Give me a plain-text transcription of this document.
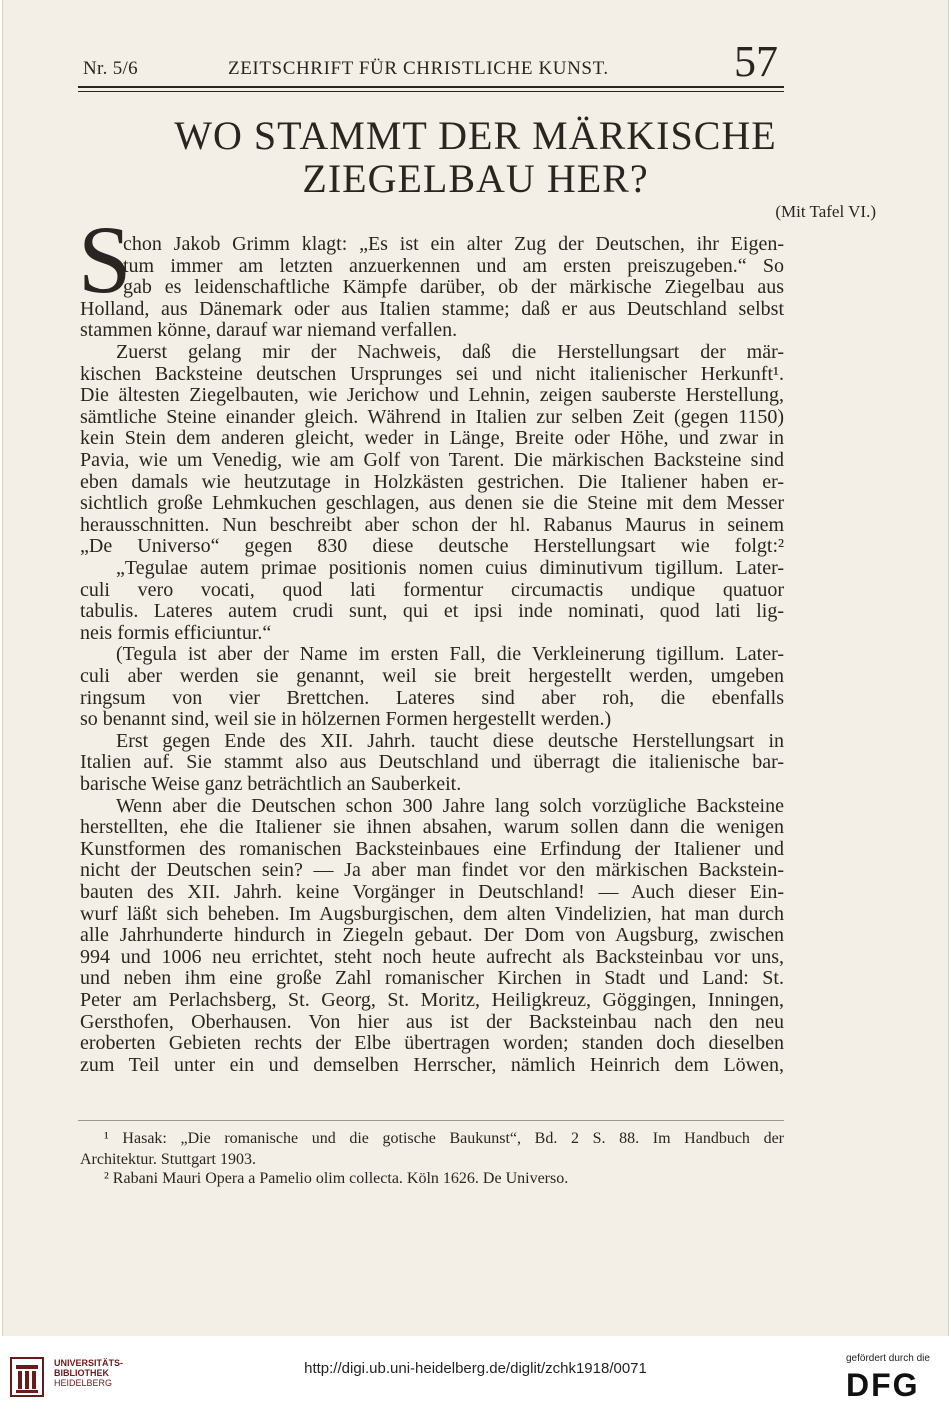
Nr. 5/6	ZEITSCHRIFT FÜR CHRISTLICHE KUNST.	57
WO STAMMT DER MÄRKISCHE
ZIEGELBAU HER?
(Mit Tafel VI.)
S
chon Jakob Grimm klagt: „Es ist ein alter Zug der Deutschen, ihr Eigen-
tum immer am letzten anzuerkennen und am ersten preiszugeben.“ So
gab es leidenschaftliche Kämpfe darüber, ob der märkische Ziegelbau aus
Holland, aus Dänemark oder aus Italien stamme; daß er aus Deutschland selbst
stammen könne, darauf war niemand verfallen.
Zuerst gelang mir der Nachweis, daß die Herstellungsart der mär-
kischen Backsteine deutschen Ursprunges sei und nicht italienischer Herkunft¹.
Die ältesten Ziegelbauten, wie Jerichow und Lehnin, zeigen sauberste Herstellung,
sämtliche Steine einander gleich. Während in Italien zur selben Zeit (gegen 1150)
kein Stein dem anderen gleicht, weder in Länge, Breite oder Höhe, und zwar in
Pavia, wie um Venedig, wie am Golf von Tarent. Die märkischen Backsteine sind
eben damals wie heutzutage in Holzkästen gestrichen. Die Italiener haben er-
sichtlich große Lehmkuchen geschlagen, aus denen sie die Steine mit dem Messer
herausschnitten. Nun beschreibt aber schon der hl. Rabanus Maurus in seinem
„De Universo“ gegen 830 diese deutsche Herstellungsart wie folgt:²
„Tegulae autem primae positionis nomen cuius diminutivum tigillum. Later-
culi vero vocati, quod lati formentur circumactis undique quatuor
tabulis. Lateres autem crudi sunt, qui et ipsi inde nominati, quod lati lig-
neis formis efficiuntur.“
(Tegula ist aber der Name im ersten Fall, die Verkleinerung tigillum. Later-
culi aber werden sie genannt, weil sie breit hergestellt werden, umgeben
ringsum von vier Brettchen. Lateres sind aber roh, die ebenfalls
so benannt sind, weil sie in hölzernen Formen hergestellt werden.)
Erst gegen Ende des XII. Jahrh. taucht diese deutsche Herstellungsart in
Italien auf. Sie stammt also aus Deutschland und überragt die italienische bar-
barische Weise ganz beträchtlich an Sauberkeit.
Wenn aber die Deutschen schon 300 Jahre lang solch vorzügliche Backsteine
herstellten, ehe die Italiener sie ihnen absahen, warum sollen dann die wenigen
Kunstformen des romanischen Backsteinbaues eine Erfindung der Italiener und
nicht der Deutschen sein? — Ja aber man findet vor den märkischen Backstein-
bauten des XII. Jahrh. keine Vorgänger in Deutschland! — Auch dieser Ein-
wurf läßt sich beheben. Im Augsburgischen, dem alten Vindelizien, hat man durch
alle Jahrhunderte hindurch in Ziegeln gebaut. Der Dom von Augsburg, zwischen
994 und 1006 neu errichtet, steht noch heute aufrecht als Backsteinbau vor uns,
und neben ihm eine große Zahl romanischer Kirchen in Stadt und Land: St.
Peter am Perlachsberg, St. Georg, St. Moritz, Heiligkreuz, Göggingen, Inningen,
Gersthofen, Oberhausen. Von hier aus ist der Backsteinbau nach den neu
eroberten Gebieten rechts der Elbe übertragen worden; standen doch dieselben
zum Teil unter ein und demselben Herrscher, nämlich Heinrich dem Löwen,
¹ Hasak: „Die romanische und die gotische Baukunst“, Bd. 2 S. 88. Im Handbuch der
Architektur. Stuttgart 1903.
² Rabani Mauri Opera a Pamelio olim collecta. Köln 1626. De Universo.
UNIVERSITÄTS-
BIBLIOTHEK
HEIDELBERG
http://digi.ub.uni-heidelberg.de/diglit/zchk1918/0071
gefördert durch die
DFG
